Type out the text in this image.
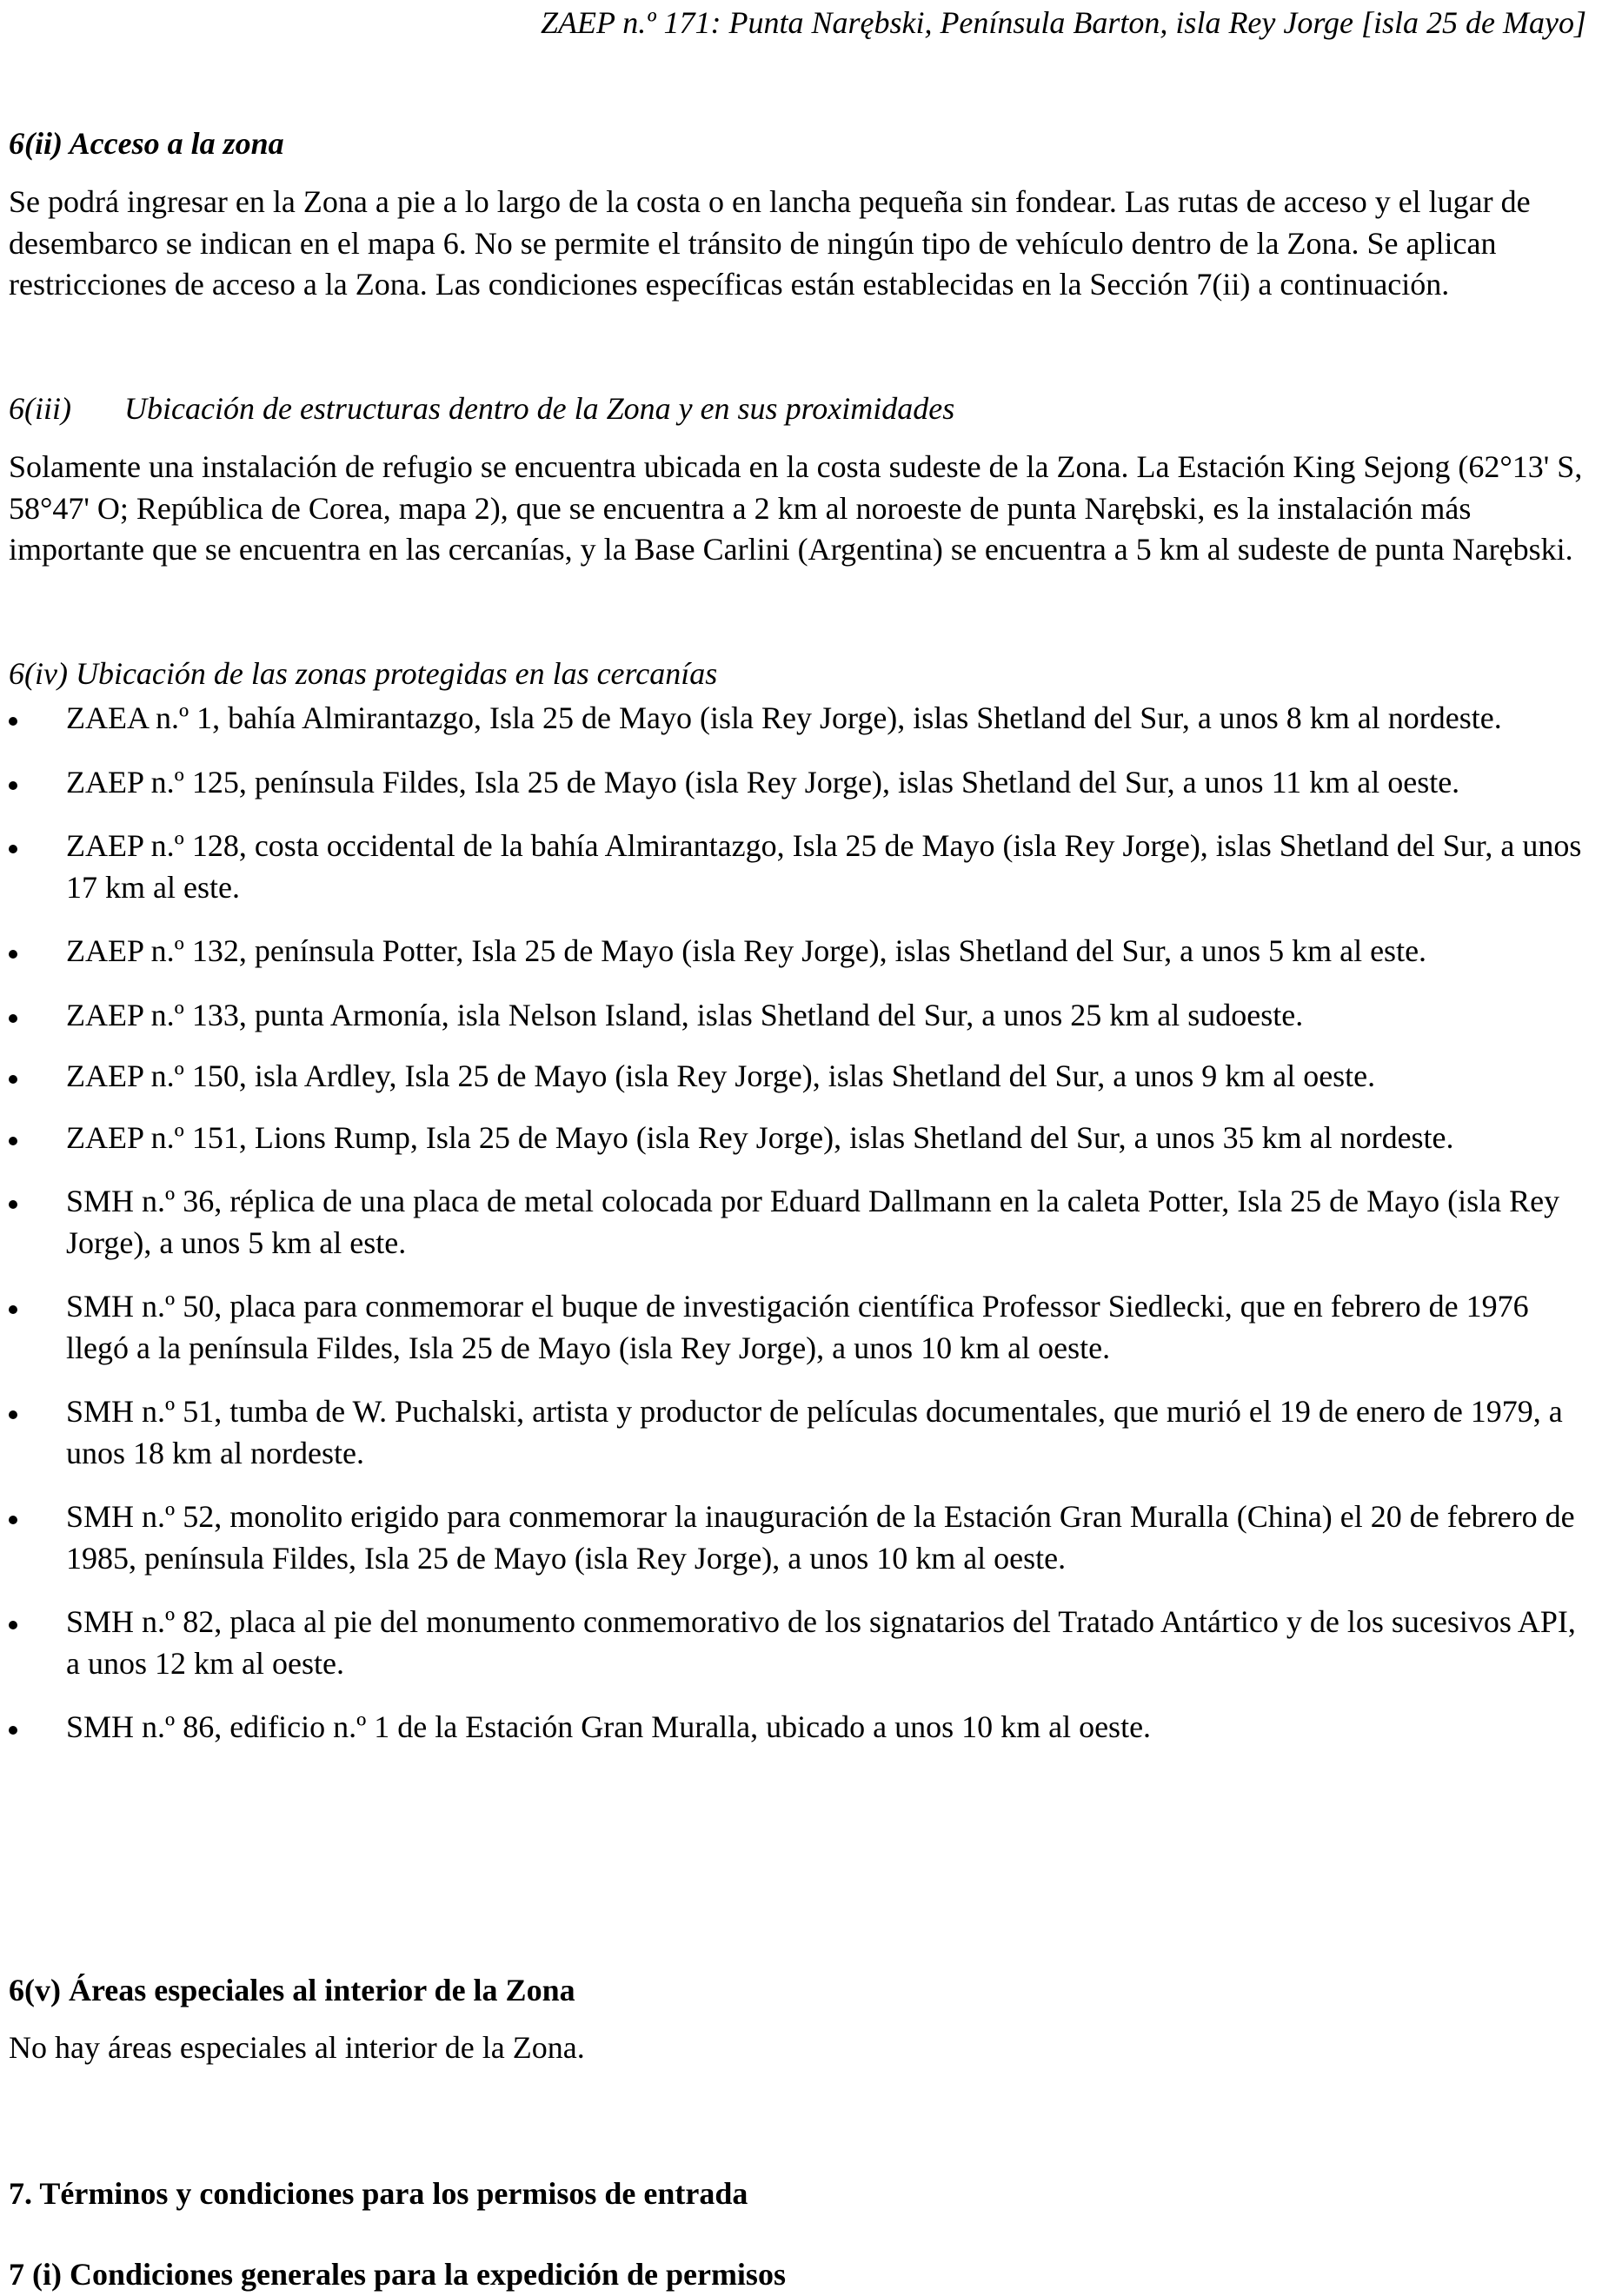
ZAEP n.º 171: Punta Narębski, Península Barton, isla Rey Jorge [isla 25 de Mayo]
6(ii) Acceso a la zona

Se podrá ingresar en la Zona a pie a lo largo de la costa o en lancha pequeña sin fondear. Las rutas de acceso y el lugar de desembarco se indican en el mapa 6. No se permite el tránsito de ningún tipo de vehículo dentro de la Zona. Se aplican restricciones de acceso a la Zona. Las condiciones específicas están establecidas en la Sección 7(ii) a continuación.

6(iii) Ubicación de estructuras dentro de la Zona y en sus proximidades

Solamente una instalación de refugio se encuentra ubicada en la costa sudeste de la Zona. La Estación King Sejong (62°13' S, 58°47' O; República de Corea, mapa 2), que se encuentra a 2 km al noroeste de punta Narębski, es la instalación más importante que se encuentra en las cercanías, y la Base Carlini (Argentina) se encuentra a 5 km al sudeste de punta Narębski.

6(iv) Ubicación de las zonas protegidas en las cercanías
ZAEA n.º 1, bahía Almirantazgo, Isla 25 de Mayo (isla Rey Jorge), islas Shetland del Sur, a unos 8 km al nordeste.
ZAEP n.º 125, península Fildes, Isla 25 de Mayo (isla Rey Jorge), islas Shetland del Sur, a unos 11 km al oeste.
ZAEP n.º 128, costa occidental de la bahía Almirantazgo, Isla 25 de Mayo (isla Rey Jorge), islas Shetland del Sur, a unos 17 km al este.
ZAEP n.º 132, península Potter, Isla 25 de Mayo (isla Rey Jorge), islas Shetland del Sur, a unos 5 km al este.
ZAEP n.º 133, punta Armonía, isla Nelson Island, islas Shetland del Sur, a unos 25 km al sudoeste.
ZAEP n.º 150, isla Ardley, Isla 25 de Mayo (isla Rey Jorge), islas Shetland del Sur, a unos 9 km al oeste.
ZAEP n.º 151, Lions Rump, Isla 25 de Mayo (isla Rey Jorge), islas Shetland del Sur, a unos 35 km al nordeste.
SMH n.º 36, réplica de una placa de metal colocada por Eduard Dallmann en la caleta Potter, Isla 25 de Mayo (isla Rey Jorge), a unos 5 km al este.
SMH n.º 50, placa para conmemorar el buque de investigación científica Professor Siedlecki, que en febrero de 1976 llegó a la península Fildes, Isla 25 de Mayo (isla Rey Jorge), a unos 10 km al oeste.
SMH n.º 51, tumba de W. Puchalski, artista y productor de películas documentales, que murió el 19 de enero de 1979, a unos 18 km al nordeste.
SMH n.º 52, monolito erigido para conmemorar la inauguración de la Estación Gran Muralla (China) el 20 de febrero de 1985, península Fildes, Isla 25 de Mayo (isla Rey Jorge), a unos 10 km al oeste.
SMH n.º 82, placa al pie del monumento conmemorativo de los signatarios del Tratado Antártico y de los sucesivos API, a unos 12 km al oeste.
SMH n.º 86, edificio n.º 1 de la Estación Gran Muralla, ubicado a unos 10 km al oeste.
6(v) Áreas especiales al interior de la Zona

No hay áreas especiales al interior de la Zona.

7. Términos y condiciones para los permisos de entrada
7 (i) Condiciones generales para la expedición de permisos
